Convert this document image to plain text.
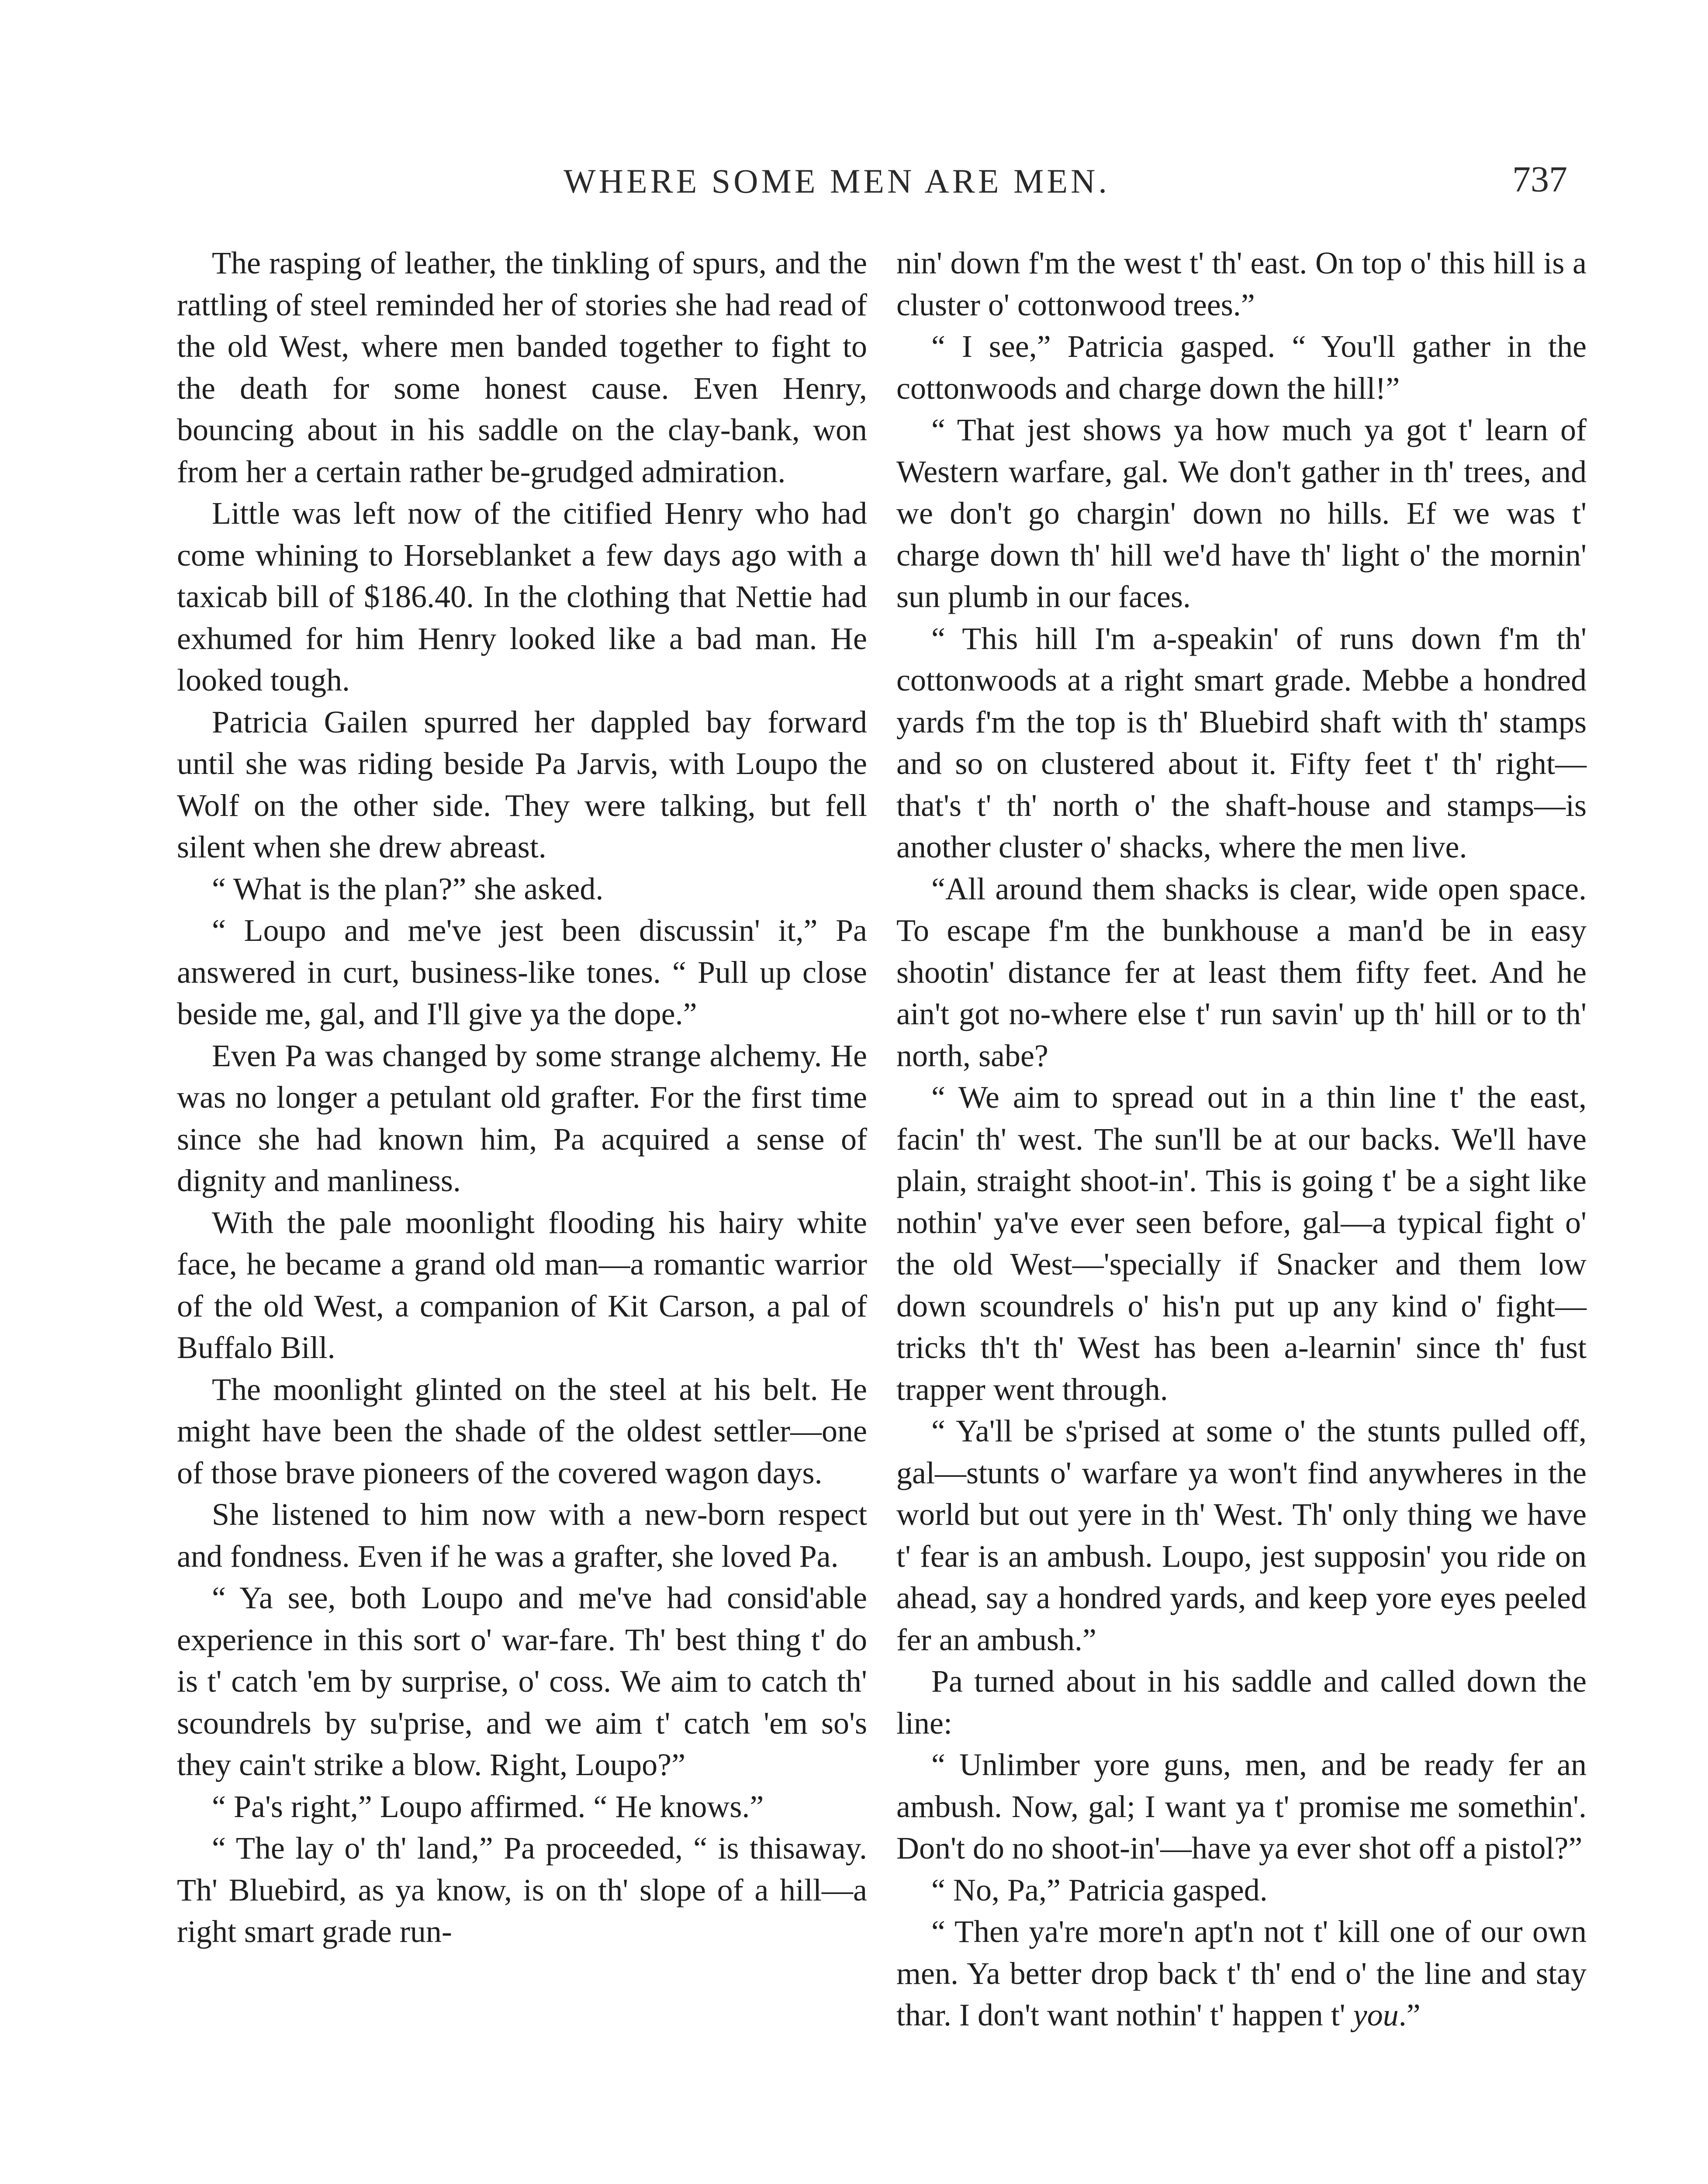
WHERE SOME MEN ARE MEN.	737

The rasping of leather, the tinkling of spurs, and the rattling of steel reminded her of stories she had read of the old West, where men banded together to fight to the death for some honest cause. Even Henry, bouncing about in his saddle on the clay-bank, won from her a certain rather be-grudged admiration.

Little was left now of the citified Henry who had come whining to Horseblanket a few days ago with a taxicab bill of $186.40. In the clothing that Nettie had exhumed for him Henry looked like a bad man. He looked tough.

Patricia Gailen spurred her dappled bay forward until she was riding beside Pa Jarvis, with Loupo the Wolf on the other side. They were talking, but fell silent when she drew abreast.

“ What is the plan?” she asked.

“ Loupo and me've jest been discussin' it,” Pa answered in curt, business-like tones. “ Pull up close beside me, gal, and I'll give ya the dope.”

Even Pa was changed by some strange alchemy. He was no longer a petulant old grafter. For the first time since she had known him, Pa acquired a sense of dignity and manliness.

With the pale moonlight flooding his hairy white face, he became a grand old man—a romantic warrior of the old West, a companion of Kit Carson, a pal of Buffalo Bill.

The moonlight glinted on the steel at his belt. He might have been the shade of the oldest settler—one of those brave pioneers of the covered wagon days.

She listened to him now with a new-born respect and fondness. Even if he was a grafter, she loved Pa.

“ Ya see, both Loupo and me've had consid'able experience in this sort o' war-fare. Th' best thing t' do is t' catch 'em by surprise, o' coss. We aim to catch th' scoundrels by su'prise, and we aim t' catch 'em so's they cain't strike a blow. Right, Loupo?”

“ Pa's right,” Loupo affirmed. “ He knows.”

“ The lay o' th' land,” Pa proceeded, “ is thisaway. Th' Bluebird, as ya know, is on th' slope of a hill—a right smart grade run-

nin' down f'm the west t' th' east. On top o' this hill is a cluster o' cottonwood trees.”

“ I see,” Patricia gasped. “ You'll gather in the cottonwoods and charge down the hill!”

“ That jest shows ya how much ya got t' learn of Western warfare, gal. We don't gather in th' trees, and we don't go chargin' down no hills. Ef we was t' charge down th' hill we'd have th' light o' the mornin' sun plumb in our faces.

“ This hill I'm a-speakin' of runs down f'm th' cottonwoods at a right smart grade. Mebbe a hondred yards f'm the top is th' Bluebird shaft with th' stamps and so on clustered about it. Fifty feet t' th' right—that's t' th' north o' the shaft-house and stamps—is another cluster o' shacks, where the men live.

“All around them shacks is clear, wide open space. To escape f'm the bunkhouse a man'd be in easy shootin' distance fer at least them fifty feet. And he ain't got no-where else t' run savin' up th' hill or to th' north, sabe?

“ We aim to spread out in a thin line t' the east, facin' th' west. The sun'll be at our backs. We'll have plain, straight shoot-in'. This is going t' be a sight like nothin' ya've ever seen before, gal—a typical fight o' the old West—'specially if Snacker and them low down scoundrels o' his'n put up any kind o' fight—tricks th't th' West has been a-learnin' since th' fust trapper went through.

“ Ya'll be s'prised at some o' the stunts pulled off, gal—stunts o' warfare ya won't find anywheres in the world but out yere in th' West. Th' only thing we have t' fear is an ambush. Loupo, jest supposin' you ride on ahead, say a hondred yards, and keep yore eyes peeled fer an ambush.”

Pa turned about in his saddle and called down the line:

“ Unlimber yore guns, men, and be ready fer an ambush. Now, gal; I want ya t' promise me somethin'. Don't do no shoot-in'—have ya ever shot off a pistol?”

“ No, Pa,” Patricia gasped.

“ Then ya're more'n apt'n not t' kill one of our own men. Ya better drop back t' th' end o' the line and stay thar. I don't want nothin' t' happen t' you.”
